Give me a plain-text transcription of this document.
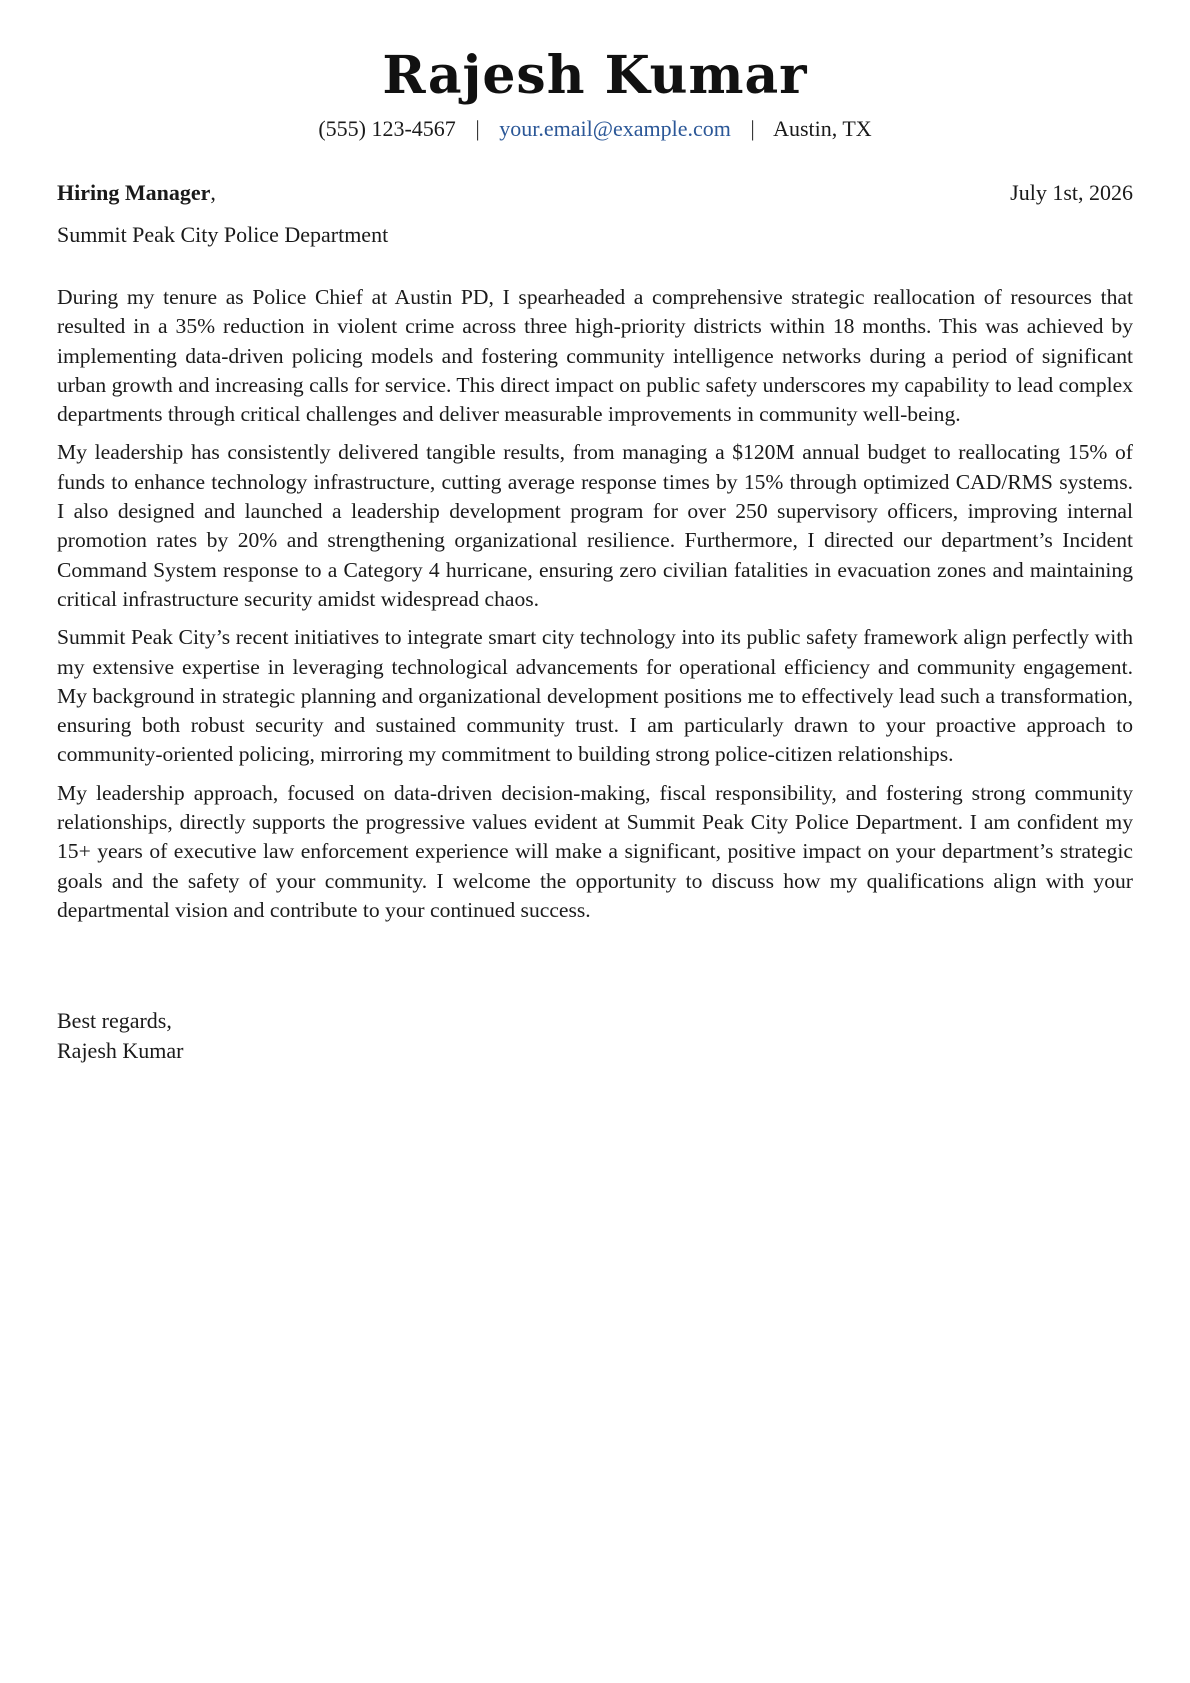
Rajesh Kumar
(555) 123-4567 | your.email@example.com | Austin, TX
Hiring Manager,	July 1st, 2026
Summit Peak City Police Department

During my tenure as Police Chief at Austin PD, I spearheaded a comprehensive strategic reallocation of resources that resulted in a 35% reduction in violent crime across three high-priority districts within 18 months. This was achieved by implementing data-driven policing models and fostering community intelligence networks during a period of significant urban growth and increasing calls for service. This direct impact on public safety underscores my capability to lead complex departments through critical challenges and deliver measurable improvements in community well-being.

My leadership has consistently delivered tangible results, from managing a $120M annual budget to reallocating 15% of funds to enhance technology infrastructure, cutting average response times by 15% through optimized CAD/RMS systems. I also designed and launched a leadership development program for over 250 supervisory officers, improving internal promotion rates by 20% and strengthening organizational resilience. Furthermore, I directed our department’s Incident Command System response to a Category 4 hurricane, ensuring zero civilian fatalities in evacuation zones and maintaining critical infrastructure security amidst widespread chaos.

Summit Peak City’s recent initiatives to integrate smart city technology into its public safety framework align perfectly with my extensive expertise in leveraging technological advancements for operational efficiency and community engagement. My background in strategic planning and organizational development positions me to effectively lead such a transformation, ensuring both robust security and sustained community trust. I am particularly drawn to your proactive approach to community-oriented policing, mirroring my commitment to building strong police-citizen relationships.

My leadership approach, focused on data-driven decision-making, fiscal responsibility, and fostering strong community relationships, directly supports the progressive values evident at Summit Peak City Police Department. I am confident my 15+ years of executive law enforcement experience will make a significant, positive impact on your department’s strategic goals and the safety of your community. I welcome the opportunity to discuss how my qualifications align with your departmental vision and contribute to your continued success.

Best regards,
Rajesh Kumar
